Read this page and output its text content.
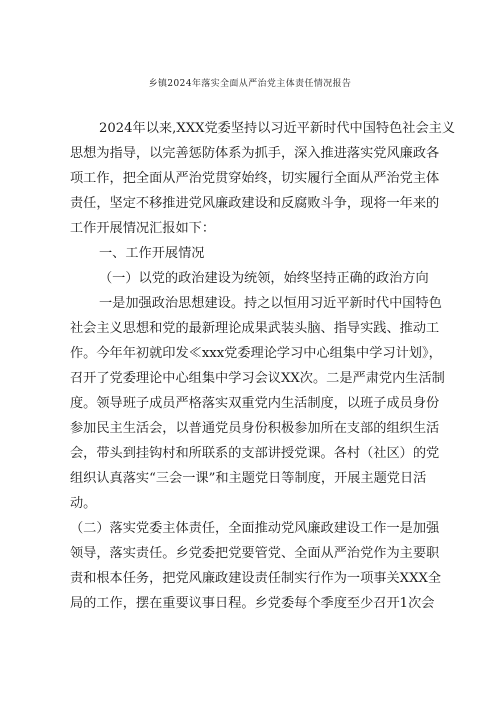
乡镇2024年落实全面从严治党主体责任情况报告
2024年以来,XXX党委坚持以习近平新时代中国特色社会主义
思想为指导，以完善惩防体系为抓手，深入推进落实党风廉政各
项工作，把全面从严治党贯穿始终，切实履行全面从严治党主体
责任，坚定不移推进党风廉政建设和反腐败斗争，现将一年来的
工作开展情况汇报如下：
一、工作开展情况
（一）以党的政治建设为统领，始终坚持正确的政治方向
一是加强政治思想建设。持之以恒用习近平新时代中国特色
社会主义思想和党的最新理论成果武装头脑、指导实践、推动工
作。今年年初就印发≪xxx党委理论学习中心组集中学习计划》，
召开了党委理论中心组集中学习会议XX次。二是严肃党内生活制
度。领导班子成员严格落实双重党内生活制度，以班子成员身份
参加民主生活会，以普通党员身份积极参加所在支部的组织生活
会，带头到挂钩村和所联系的支部讲授党课。各村（社区）的党
组织认真落实“三会一课”和主题党日等制度，开展主题党日活
动。
（二）落实党委主体责任，全面推动党风廉政建设工作一是加强
领导，落实责任。乡党委把党要管党、全面从严治党作为主要职
责和根本任务，把党风廉政建设责任制实行作为一项事关XXX全
局的工作，摆在重要议事日程。乡党委每个季度至少召开1次会
